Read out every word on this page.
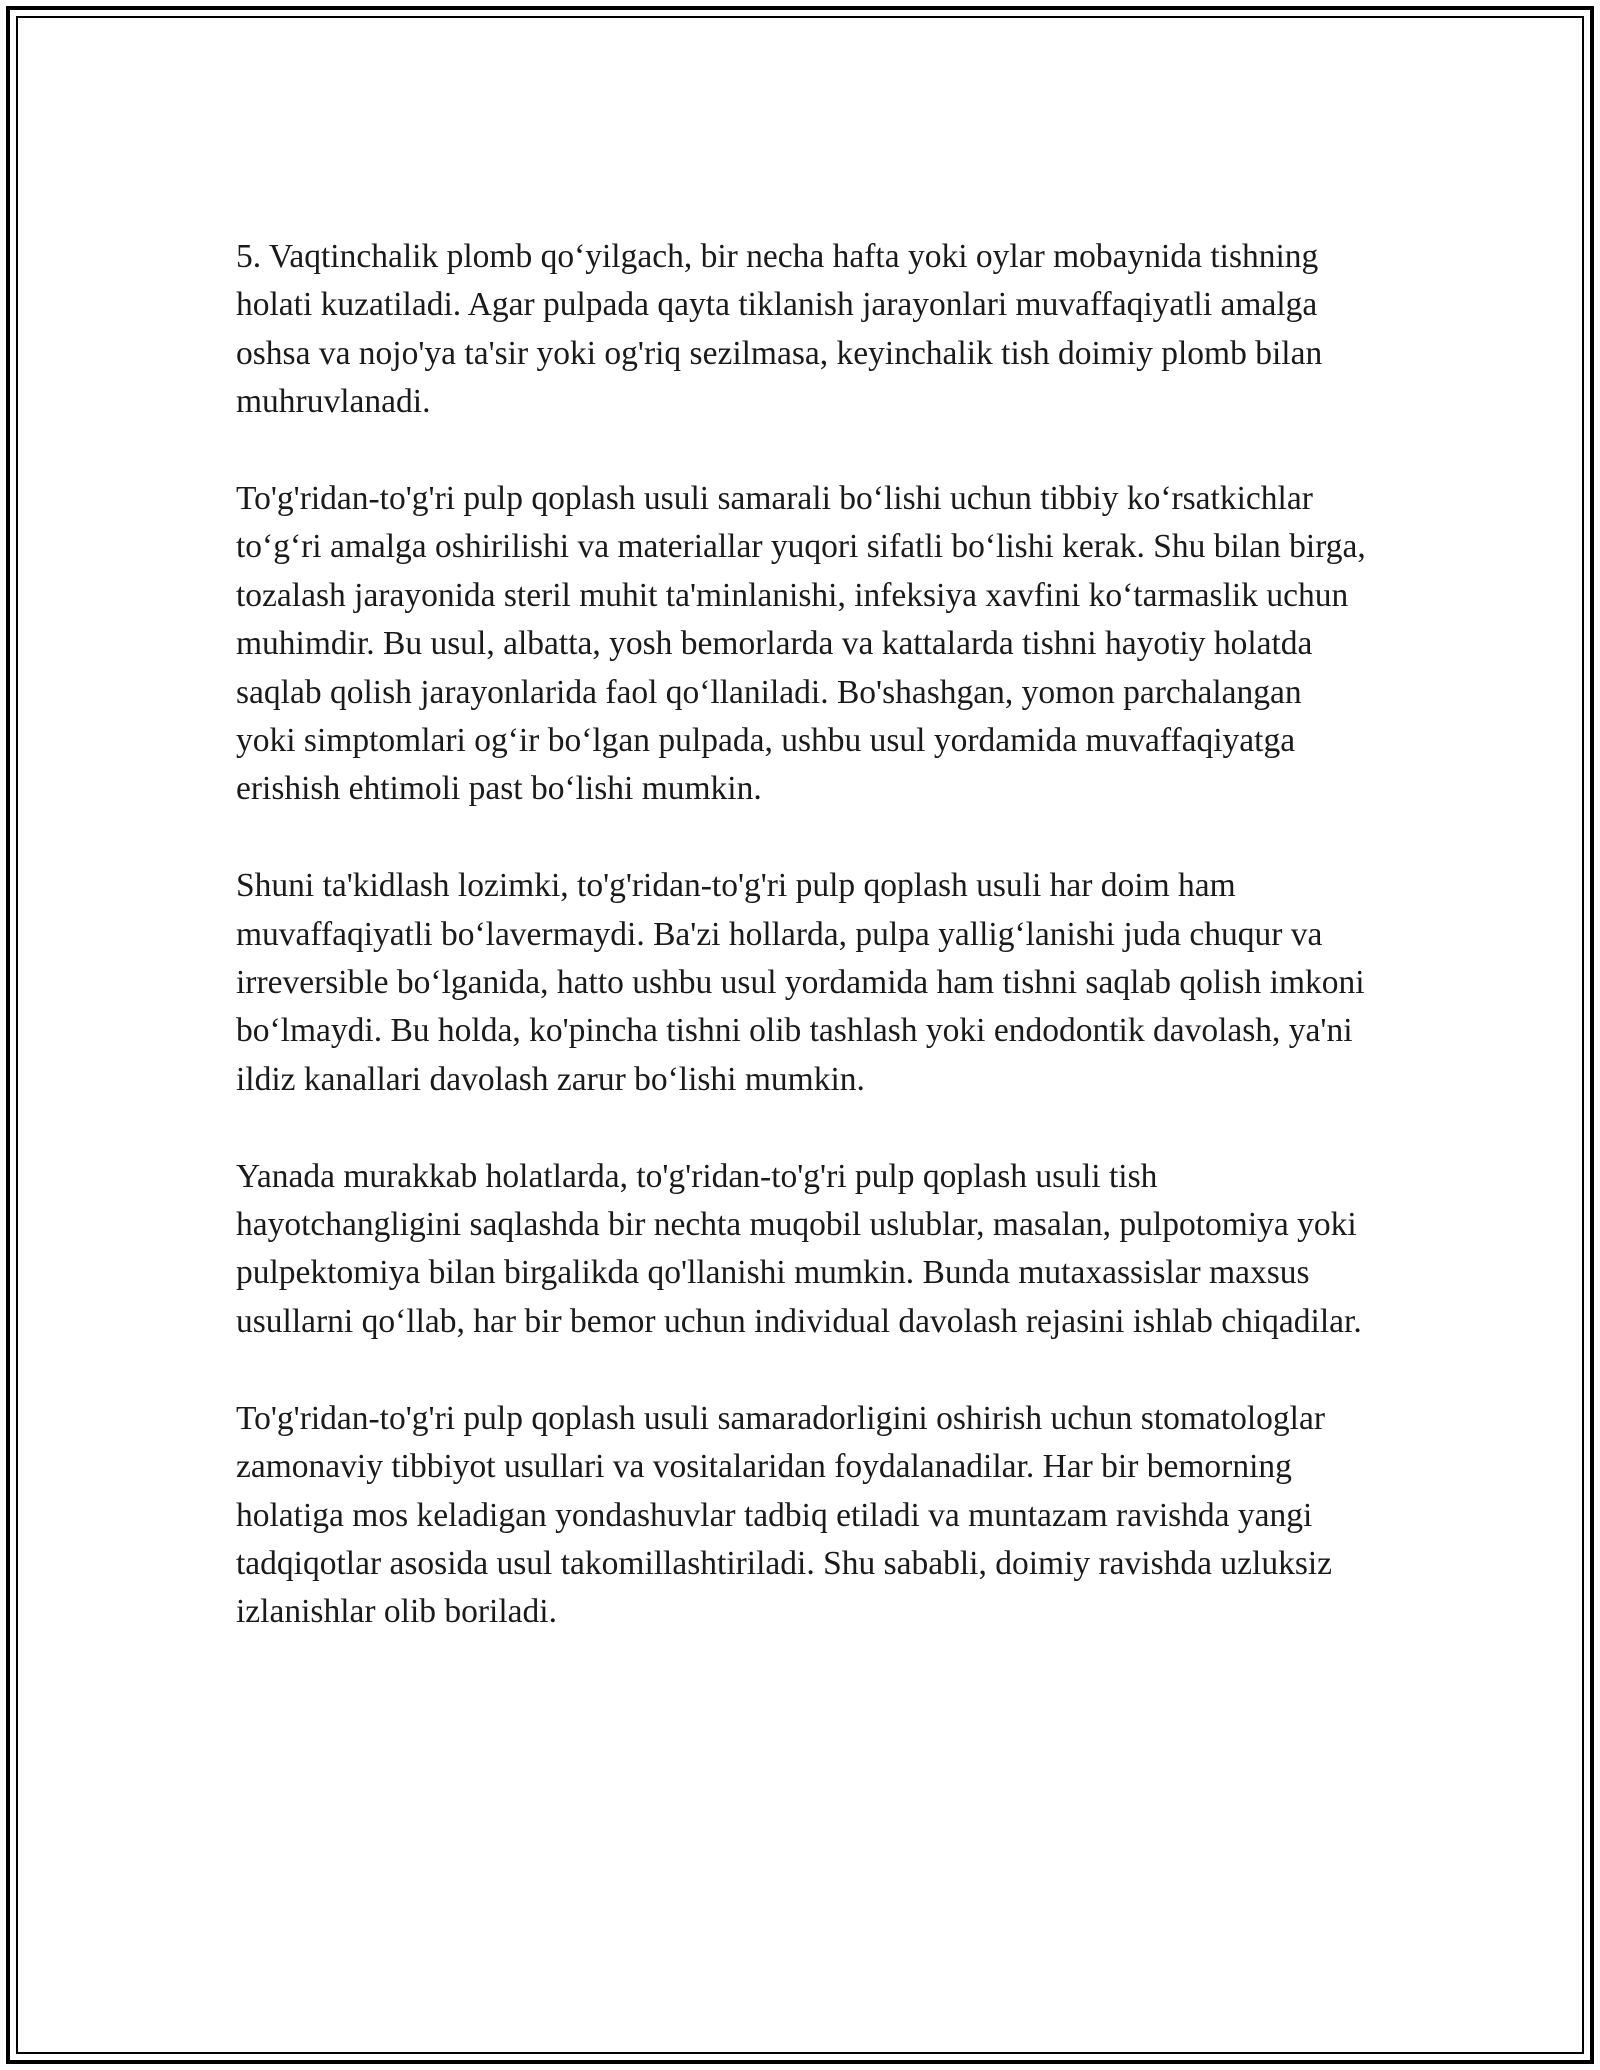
5. Vaqtinchalik plomb qo‘yilgach, bir necha hafta yoki oylar mobaynida tishning holati kuzatiladi. Agar pulpada qayta tiklanish jarayonlari muvaffaqiyatli amalga oshsa va nojo'ya ta'sir yoki og'riq sezilmasa, keyinchalik tish doimiy plomb bilan muhruvlanadi.

To'g'ridan-to'g'ri pulp qoplash usuli samarali bo‘lishi uchun tibbiy ko‘rsatkichlar to‘g‘ri amalga oshirilishi va materiallar yuqori sifatli bo‘lishi kerak. Shu bilan birga, tozalash jarayonida steril muhit ta'minlanishi, infeksiya xavfini ko‘tarmaslik uchun muhimdir. Bu usul, albatta, yosh bemorlarda va kattalarda tishni hayotiy holatda saqlab qolish jarayonlarida faol qo‘llaniladi. Bo'shashgan, yomon parchalangan yoki simptomlari og‘ir bo‘lgan pulpada, ushbu usul yordamida muvaffaqiyatga erishish ehtimoli past bo‘lishi mumkin.

Shuni ta'kidlash lozimki, to'g'ridan-to'g'ri pulp qoplash usuli har doim ham muvaffaqiyatli bo‘lavermaydi. Ba'zi hollarda, pulpa yallig‘lanishi juda chuqur va irreversible bo‘lganida, hatto ushbu usul yordamida ham tishni saqlab qolish imkoni bo‘lmaydi. Bu holda, ko'pincha tishni olib tashlash yoki endodontik davolash, ya'ni ildiz kanallari davolash zarur bo‘lishi mumkin.

Yanada murakkab holatlarda, to'g'ridan-to'g'ri pulp qoplash usuli tish hayotchangligini saqlashda bir nechta muqobil uslublar, masalan, pulpotomiya yoki pulpektomiya bilan birgalikda qo'llanishi mumkin. Bunda mutaxassislar maxsus usullarni qo‘llab, har bir bemor uchun individual davolash rejasini ishlab chiqadilar.

To'g'ridan-to'g'ri pulp qoplash usuli samaradorligini oshirish uchun stomatologlar zamonaviy tibbiyot usullari va vositalaridan foydalanadilar. Har bir bemorning holatiga mos keladigan yondashuvlar tadbiq etiladi va muntazam ravishda yangi tadqiqotlar asosida usul takomillashtiriladi. Shu sababli, doimiy ravishda uzluksiz izlanishlar olib boriladi.
